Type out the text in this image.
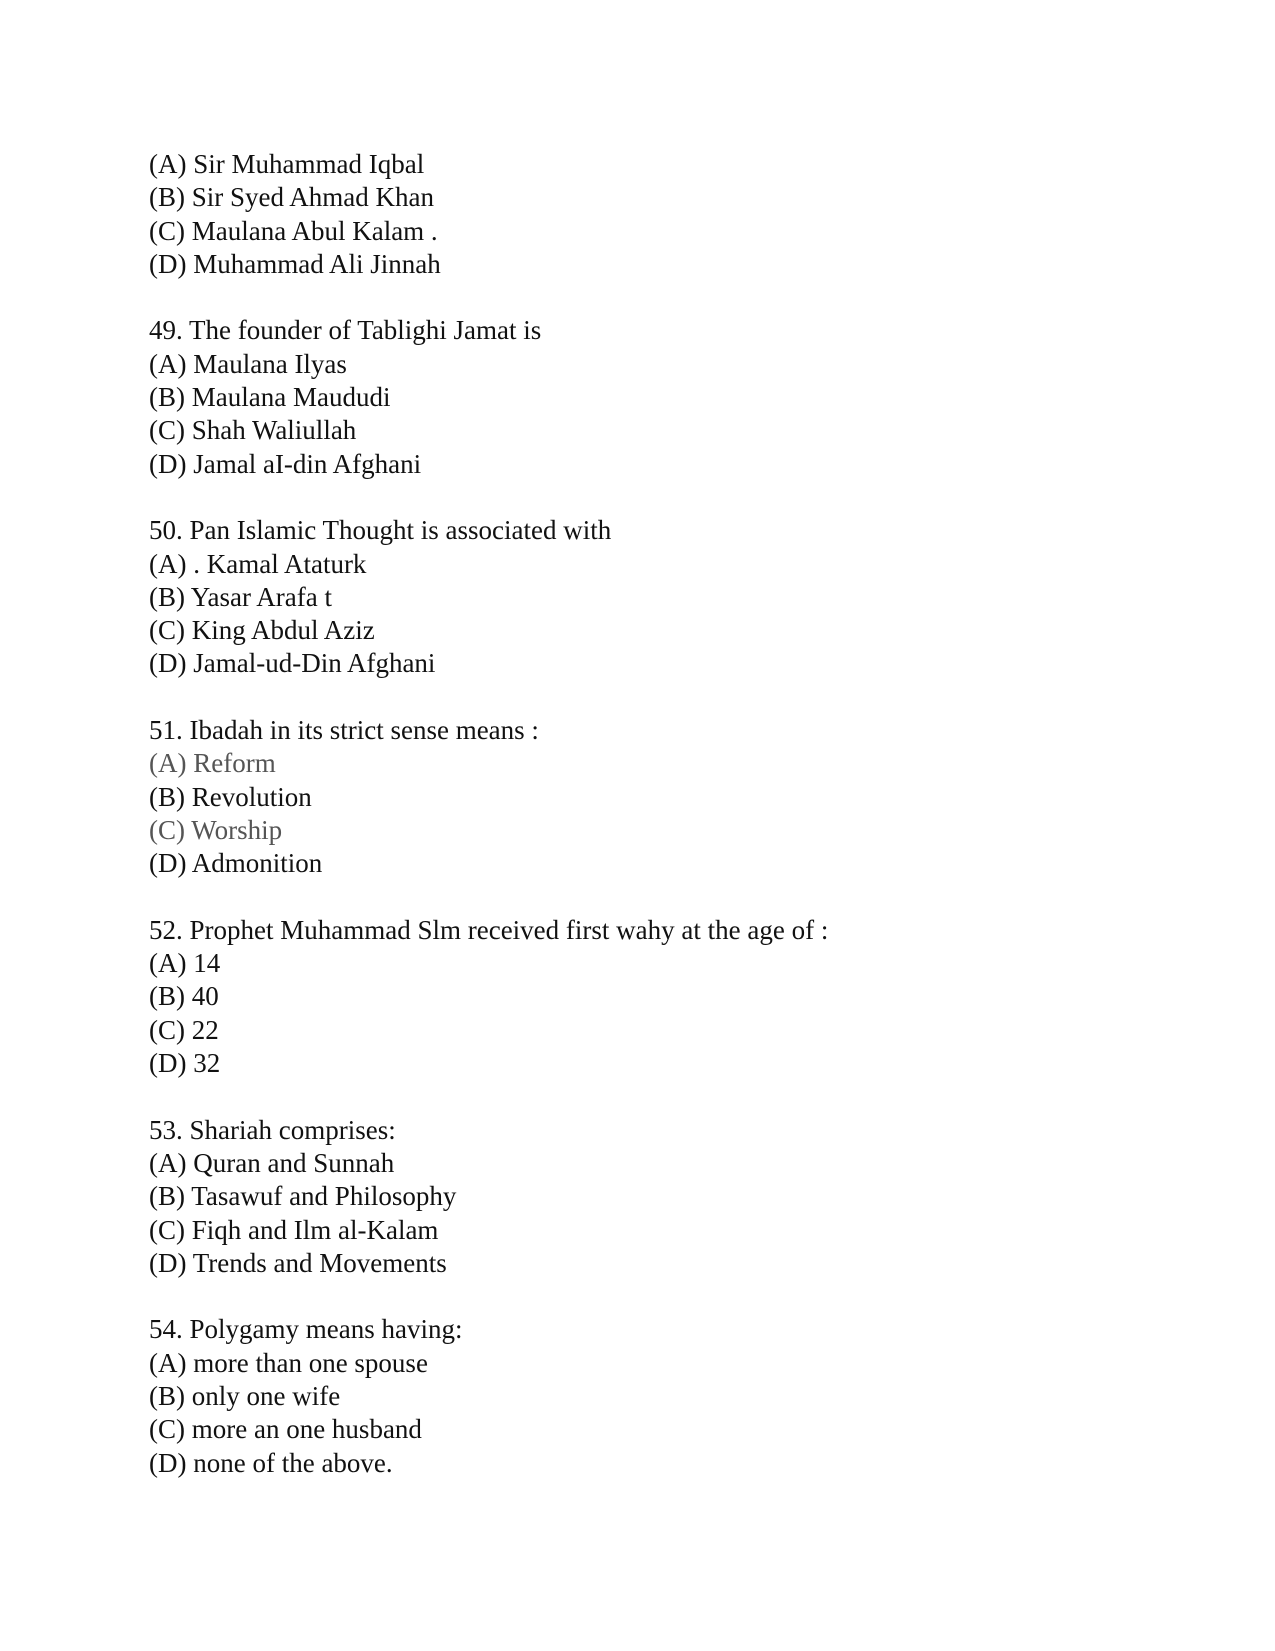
(A) Sir Muhammad Iqbal
(B) Sir Syed Ahmad Khan
(C) Maulana Abul Kalam .
(D) Muhammad Ali Jinnah
49. The founder of Tablighi Jamat is
(A) Maulana Ilyas
(B) Maulana Maududi
(C) Shah Waliullah
(D) Jamal aI-din Afghani
50. Pan Islamic Thought is associated with
(A) . Kamal Ataturk
(B) Yasar Arafa t
(C) King Abdul Aziz
(D) Jamal-ud-Din Afghani
51. Ibadah in its strict sense means :
(A) Reform
(B) Revolution
(C) Worship
(D) Admonition
52. Prophet Muhammad Slm received first wahy at the age of :
(A) 14
(B) 40
(C) 22
(D) 32
53. Shariah comprises:
(A) Quran and Sunnah
(B) Tasawuf and Philosophy
(C) Fiqh and Ilm al-Kalam
(D) Trends and Movements
54. Polygamy means having:
(A) more than one spouse
(B) only one wife
(C) more an one husband
(D) none of the above.
